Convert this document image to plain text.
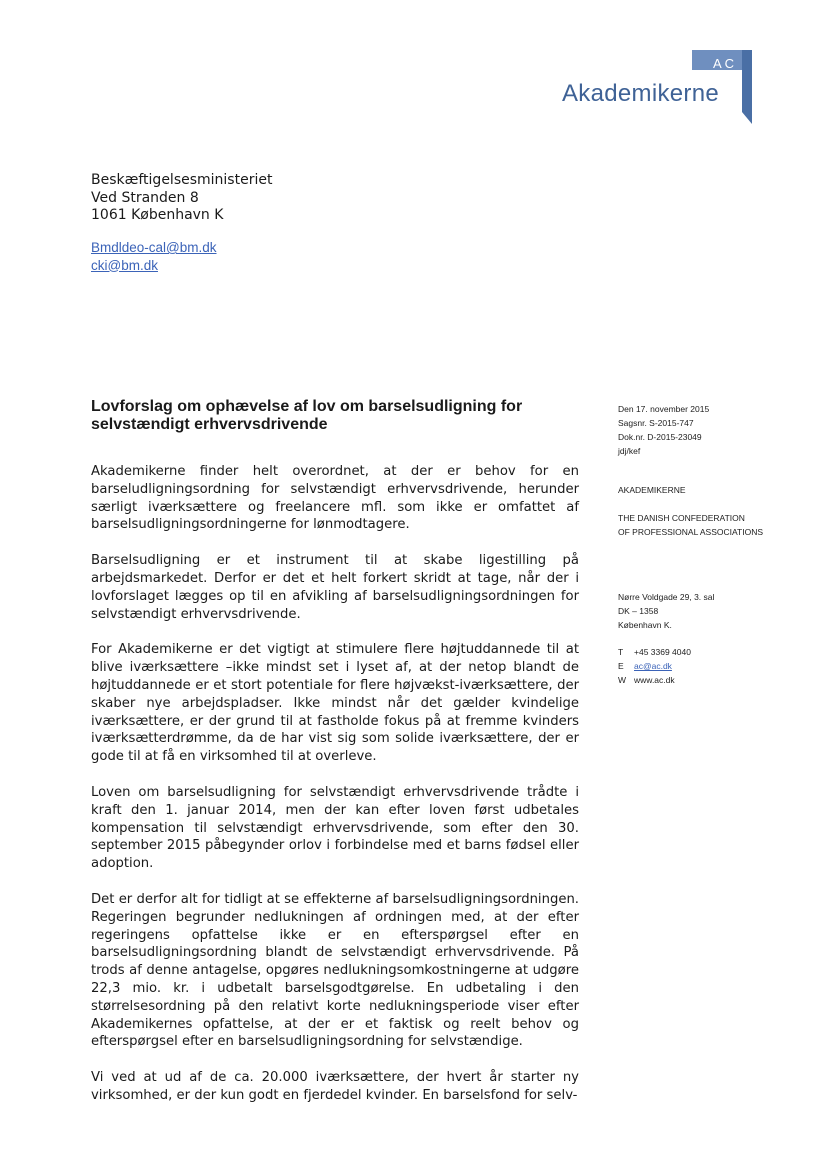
AC
Akademikerne
Beskæftigelsesministeriet
Ved Stranden 8
1061 København K
Bmdldeo-cal@bm.dk
cki@bm.dk
Lovforslag om ophævelse af lov om barselsudligning for selvstændigt erhvervsdrivende
Den 17. november 2015
Sagsnr. S-2015-747
Dok.nr. D-2015-23049
jdj/kef
AKADEMIKERNE
THE DANISH CONFEDERATION
OF PROFESSIONAL ASSOCIATIONS
Nørre Voldgade 29, 3. sal
DK – 1358
København K.
T +45 3369 4040
E ac@ac.dk
W www.ac.dk

Akademikerne finder helt overordnet, at der er behov for en barseludligningsordning for selvstændigt erhvervsdrivende, herunder særligt iværksættere og freelancere mfl. som ikke er omfattet af barselsudligningsordningerne for lønmodtagere.

Barselsudligning er et instrument til at skabe ligestilling på arbejdsmarkedet. Derfor er det et helt forkert skridt at tage, når der i lovforslaget lægges op til en afvikling af barselsudligningsordningen for selvstændigt erhvervsdrivende.

For Akademikerne er det vigtigt at stimulere flere højtuddannede til at blive iværksættere –ikke mindst set i lyset af, at der netop blandt de højtuddannede er et stort potentiale for flere højvækst-iværksættere, der skaber nye arbejdspladser. Ikke mindst når det gælder kvindelige iværksættere, er der grund til at fastholde fokus på at fremme kvinders iværksætterdrømme, da de har vist sig som solide iværksættere, der er gode til at få en virksomhed til at overleve.

Loven om barselsudligning for selvstændigt erhvervsdrivende trådte i kraft den 1. januar 2014, men der kan efter loven først udbetales kompensation til selvstændigt erhvervsdrivende, som efter den 30. september 2015 påbegynder orlov i forbindelse med et barns fødsel eller adoption.

Det er derfor alt for tidligt at se effekterne af barselsudligningsordningen. Regeringen begrunder nedlukningen af ordningen med, at der efter regeringens opfattelse ikke er en efterspørgsel efter en barselsudligningsordning blandt de selvstændigt erhvervsdrivende. På trods af denne antagelse, opgøres nedlukningsomkostningerne at udgøre 22,3 mio. kr. i udbetalt barselsgodtgørelse. En udbetaling i den størrelsesordning på den relativt korte nedlukningsperiode viser efter Akademikernes opfattelse, at der er et faktisk og reelt behov og efterspørgsel efter en barselsudligningsordning for selvstændige.

Vi ved at ud af de ca. 20.000 iværksættere, der hvert år starter ny virksomhed, er der kun godt en fjerdedel kvinder. En barselsfond for selv-
